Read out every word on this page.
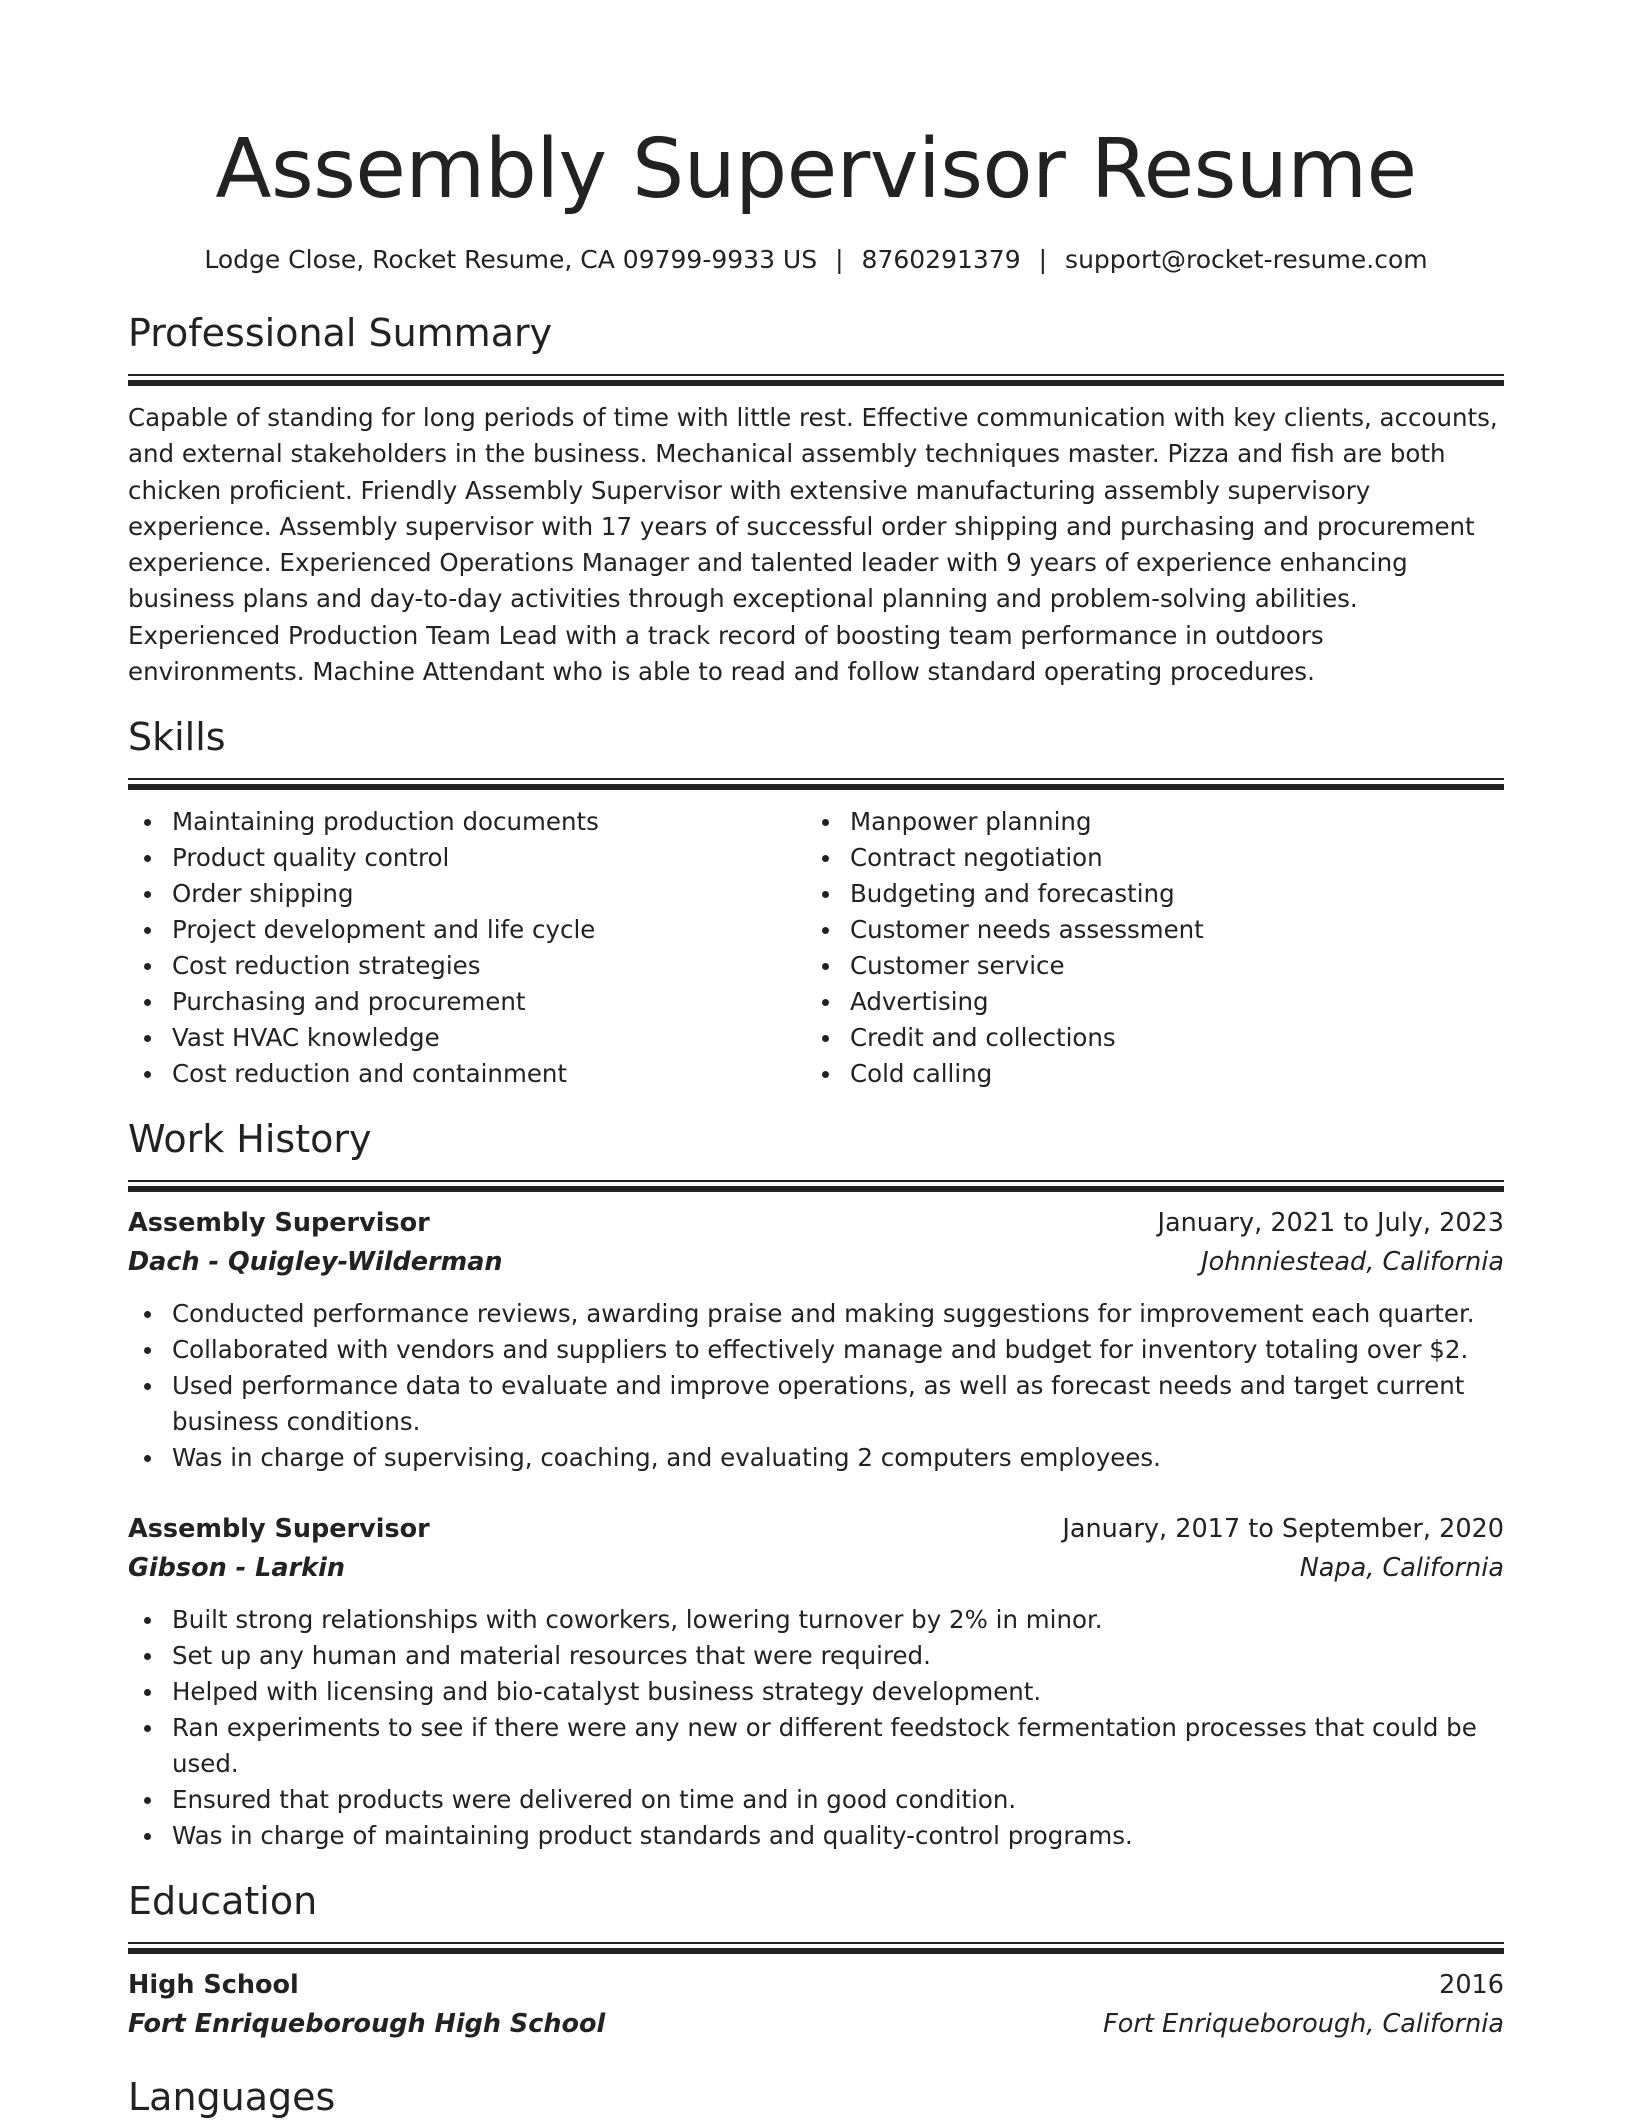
Assembly Supervisor Resume
Lodge Close, Rocket Resume, CA 09799-9933 US | 8760291379 | support@rocket-resume.com
Professional Summary

Capable of standing for long periods of time with little rest. Effective communication with key clients, accounts, and external stakeholders in the business. Mechanical assembly techniques master. Pizza and fish are both chicken proficient. Friendly Assembly Supervisor with extensive manufacturing assembly supervisory experience. Assembly supervisor with 17 years of successful order shipping and purchasing and procurement experience. Experienced Operations Manager and talented leader with 9 years of experience enhancing business plans and day-to-day activities through exceptional planning and problem-solving abilities. Experienced Production Team Lead with a track record of boosting team performance in outdoors environments. Machine Attendant who is able to read and follow standard operating procedures.

Skills
Maintaining production documents
Product quality control
Order shipping
Project development and life cycle
Cost reduction strategies
Purchasing and procurement
Vast HVAC knowledge
Cost reduction and containment
Manpower planning
Contract negotiation
Budgeting and forecasting
Customer needs assessment
Customer service
Advertising
Credit and collections
Cold calling
Work History
Assembly Supervisor	January, 2021 to July, 2023
Dach - Quigley-Wilderman	Johnniestead, California
Conducted performance reviews, awarding praise and making suggestions for improvement each quarter.
Collaborated with vendors and suppliers to effectively manage and budget for inventory totaling over $2.
Used performance data to evaluate and improve operations, as well as forecast needs and target current business conditions.
Was in charge of supervising, coaching, and evaluating 2 computers employees.
Assembly Supervisor	January, 2017 to September, 2020
Gibson - Larkin	Napa, California
Built strong relationships with coworkers, lowering turnover by 2% in minor.
Set up any human and material resources that were required.
Helped with licensing and bio-catalyst business strategy development.
Ran experiments to see if there were any new or different feedstock fermentation processes that could be used.
Ensured that products were delivered on time and in good condition.
Was in charge of maintaining product standards and quality-control programs.
Education
High School	2016
Fort Enriqueborough High School	Fort Enriqueborough, California
Languages
